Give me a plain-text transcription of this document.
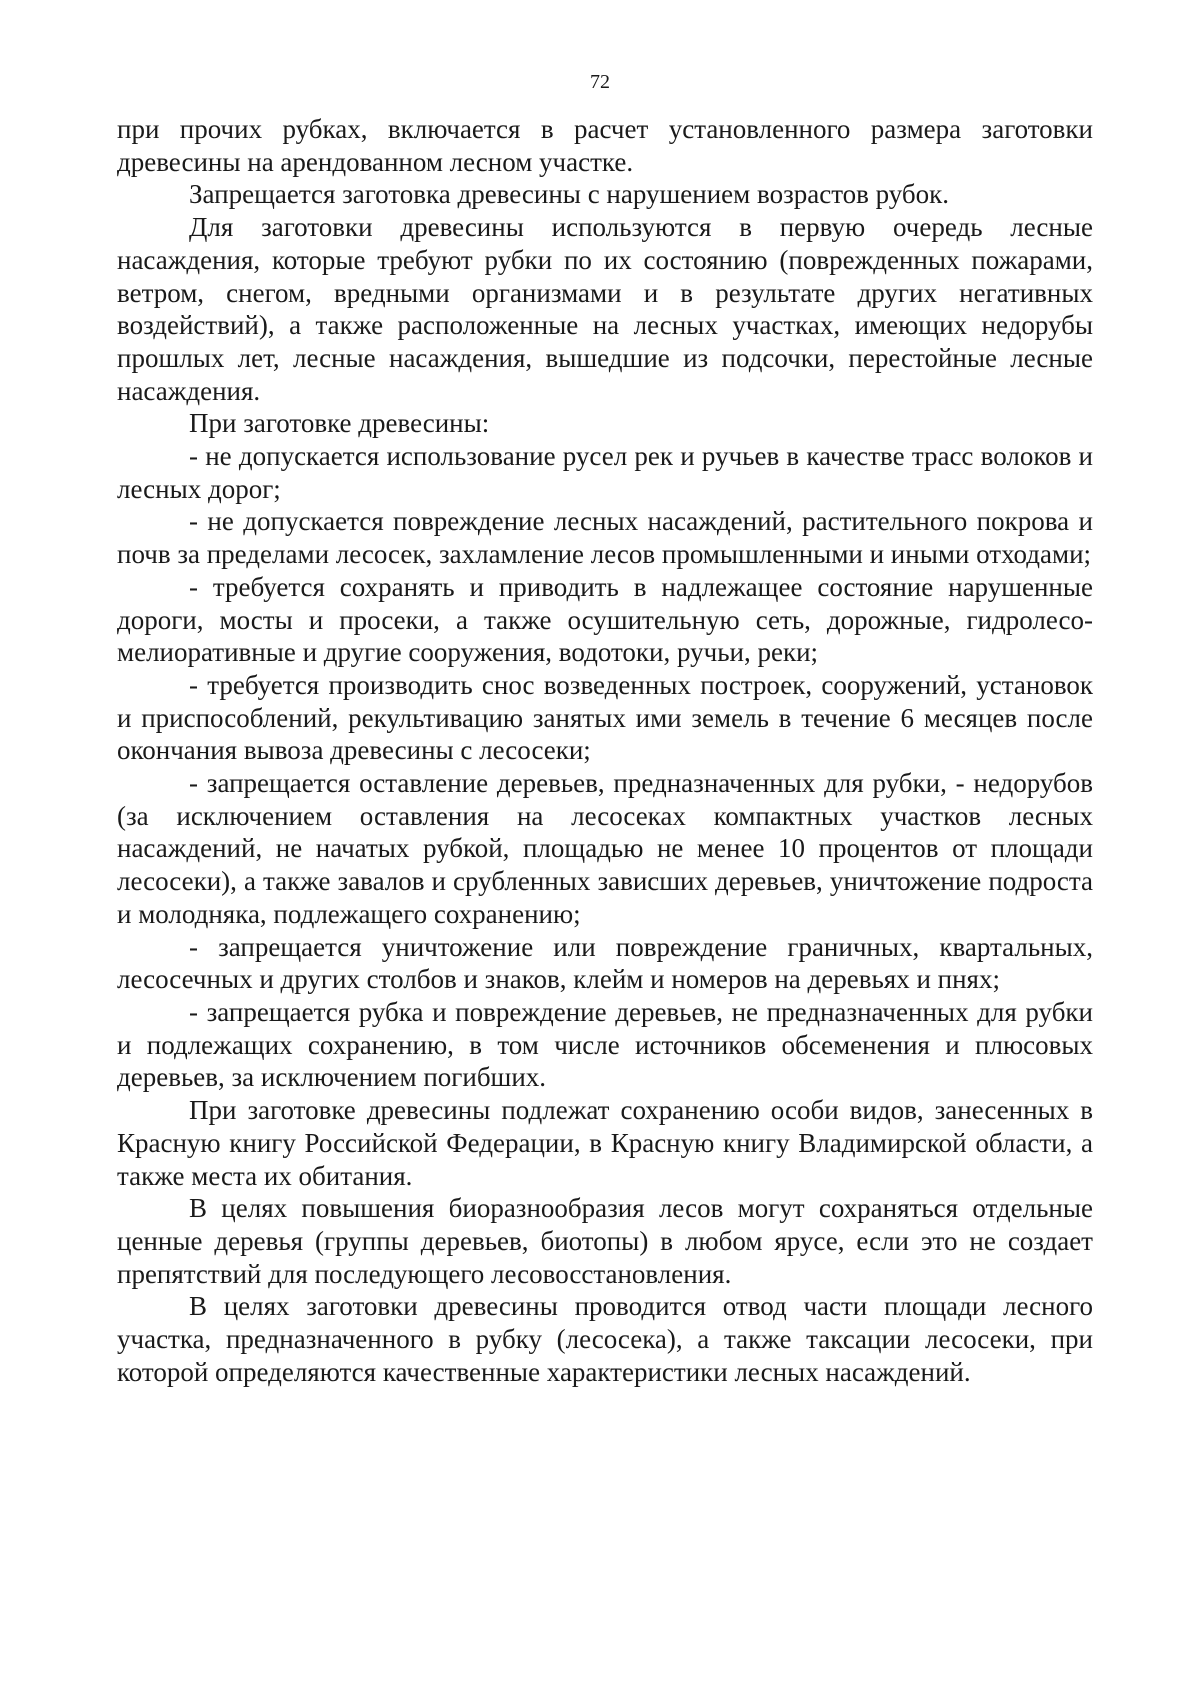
72

при прочих рубках, включается в расчет установленного размера заготовки древесины на арендованном лесном участке.

Запрещается заготовка древесины с нарушением возрастов рубок.

Для заготовки древесины используются в первую очередь лесные насаждения, которые требуют рубки по их состоянию (поврежденных пожарами, ветром, снегом, вредными организмами и в результате других негативных воздействий), а также расположенные на лесных участках, имеющих недорубы прошлых лет, лесные насаждения, вышедшие из подсочки, перестойные лесные насаждения.

При заготовке древесины:

- не допускается использование русел рек и ручьев в качестве трасс волоков и лесных дорог;

- не допускается повреждение лесных насаждений, растительного покрова и почв за пределами лесосек, захламление лесов промышленными и иными отходами;

- требуется сохранять и приводить в надлежащее состояние нарушенные дороги, мосты и просеки, а также осушительную сеть, дорожные, гидролесо-мелиоративные и другие сооружения, водотоки, ручьи, реки;

- требуется производить снос возведенных построек, сооружений, установок и приспособлений, рекультивацию занятых ими земель в течение 6 месяцев после окончания вывоза древесины с лесосеки;

- запрещается оставление деревьев, предназначенных для рубки, - недорубов (за исключением оставления на лесосеках компактных участков лесных насаждений, не начатых рубкой, площадью не менее 10 процентов от площади лесосеки), а также завалов и срубленных зависших деревьев, уничтожение подроста и молодняка, подлежащего сохранению;

- запрещается уничтожение или повреждение граничных, квартальных, лесосечных и других столбов и знаков, клейм и номеров на деревьях и пнях;

- запрещается рубка и повреждение деревьев, не предназначенных для рубки и подлежащих сохранению, в том числе источников обсеменения и плюсовых деревьев, за исключением погибших.

При заготовке древесины подлежат сохранению особи видов, занесенных в Красную книгу Российской Федерации, в Красную книгу Владимирской области, а также места их обитания.

В целях повышения биоразнообразия лесов могут сохраняться отдельные ценные деревья (группы деревьев, биотопы) в любом ярусе, если это не создает препятствий для последующего лесовосстановления.

В целях заготовки древесины проводится отвод части площади лесного участка, предназначенного в рубку (лесосека), а также таксации лесосеки, при которой определяются качественные характеристики лесных насаждений.
